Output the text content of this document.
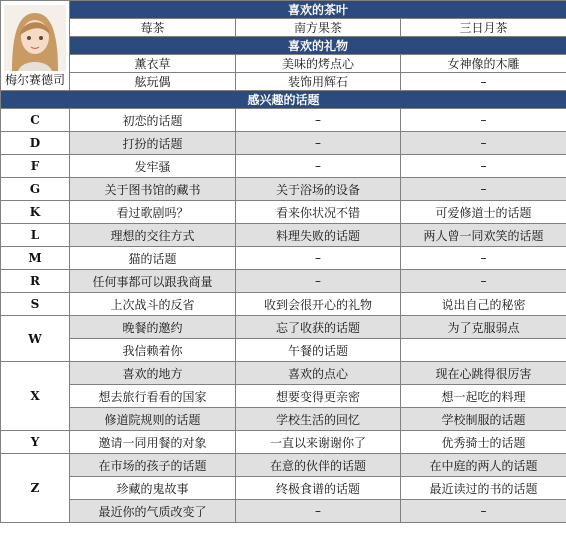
梅尔赛德司	喜欢的茶叶		
	莓茶	南方果茶	三日月茶
	喜欢的礼物		
	薰衣草	美味的烤点心	女神像的木雕
	舷玩偶	装饰用辉石	–
感兴趣的话题			
C	初恋的话题	–	–
D	打扮的话题	–	–
F	发牢骚	–	–
G	关于图书馆的藏书	关于浴场的设备	–
K	看过歌剧吗？	看来你状况不错	可爱修道士的话题
L	理想的交往方式	料理失败的话题	两人曾一同欢笑的话题
M	猫的话题	–	–
R	任何事都可以跟我商量	–	–
S	上次战斗的反省	收到会很开心的礼物	说出自己的秘密
W	晚餐的邀约	忘了收获的话题	为了克服弱点
	我信赖着你	午餐的话题	
X	喜欢的地方	喜欢的点心	现在心跳得很厉害
	想去旅行看看的国家	想要变得更亲密	想一起吃的料理
	修道院规则的话题	学校生活的回忆	学校制服的话题
Y	邀请一同用餐的对象	一直以来谢谢你了	优秀骑士的话题
Z	在市场的孩子的话题	在意的伙伴的话题	在中庭的两人的话题
	珍藏的鬼故事	终极食谱的话题	最近读过的书的话题
	最近你的气质改变了	–	–
